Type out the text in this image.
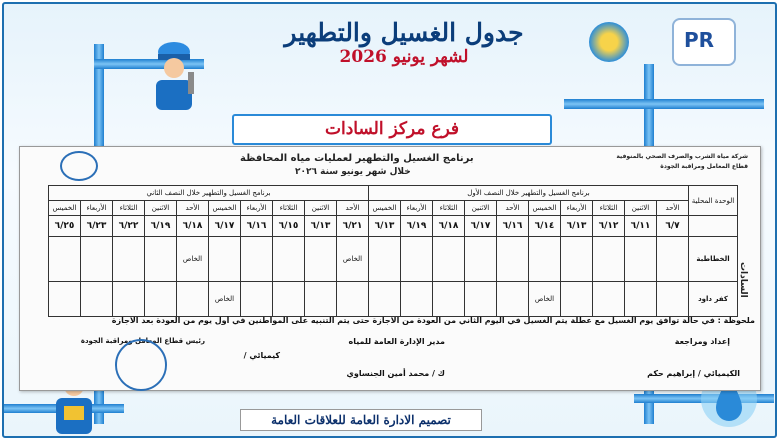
PR
جدول الغسيل والتطهير
لشهر يونيو 2026
فرع مركز السادات
شركة مياه الشرب والصرف الصحي بالمنوفية
قطاع المعامل ومراقبة الجودة
برنامج الغسيل والتطهير لعمليات مياه المحافظة
خلال شهر يونيو سنة ٢٠٢٦
الوحدة المحلية	برنامج الغسيل والتطهير خلال النصف الأول										برنامج الغسيل والتطهير خلال النصف الثاني									
	الأحد	الاثنين	الثلاثاء	الأربعاء	الخميس	الأحد	الاثنين	الثلاثاء	الأربعاء	الخميس	الأحد	الاثنين	الثلاثاء	الأربعاء	الخميس	الأحد	الاثنين	الثلاثاء	الأربعاء	الخميس
	٦/٧	٦/١١	٦/١٢	٦/١٣	٦/١٤	٦/١٦	٦/١٧	٦/١٨	٦/١٩	٦/١٣	٦/٢١	٦/١٣	٦/١٥	٦/١٦	٦/١٧	٦/١٨	٦/١٩	٦/٢٢	٦/٢٣	٦/٢٥
الخطاطبة											الخاص					الخاص				
كفر داود					الخاص										الخاص					
السادات
ملحوظة : في حالة توافق يوم الغسيل مع عطلة يتم الغسيل في اليوم الثاني من العودة من الاجازة حتى يتم التنبيه على المواطنين في أول يوم من العودة بعد الاجازة
إعداد ومراجعة
الكيميائي / إبراهيم حكم
مدير الإدارة العامة للمياه
ك / محمد أمين الجنساوي
كيميائي /
رئيس قطاع المعامل ومراقبة الجودة
تصميم الادارة العامة للعلاقات العامة
